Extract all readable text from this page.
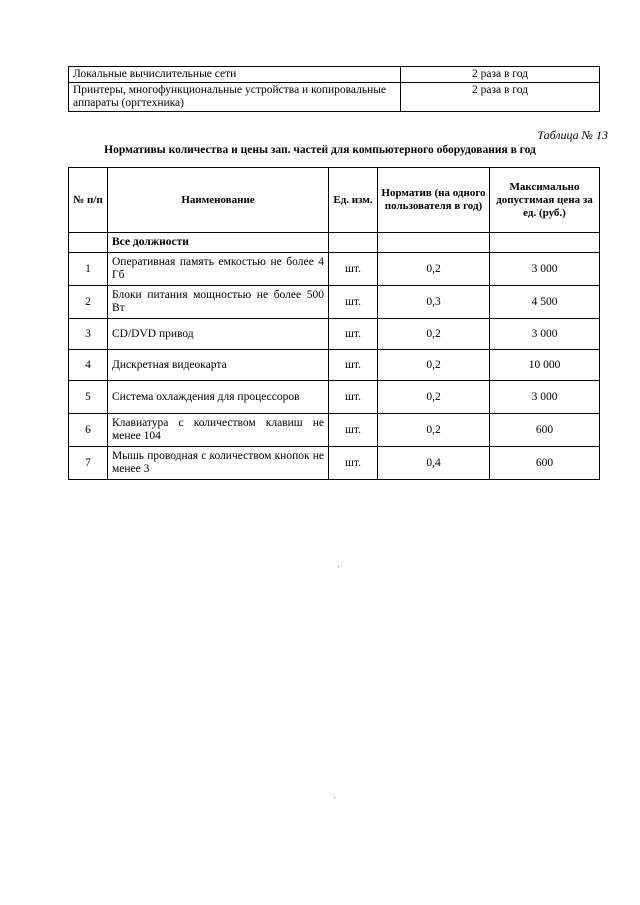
Локальные вычислительные сети	2 раза в год
Принтеры, многофункциональные устройства и копировальные аппараты (оргтехника)	2 раза в год
Таблица № 13
Нормативы количества и цены зап. частей для компьютерного оборудования в год
№ п/п	Наименование	Ед. изм.	Норматив (на одного пользователя в год)	Максимально допустимая цена за ед. (руб.)
	Все должности			
1	Оперативная память емкостью не более 4 Гб	шт.	0,2	3 000
2	Блоки питания мощностью не более 500 Вт	шт.	0,3	4 500
3	CD/DVD привод	шт.	0,2	3 000
4	Дискретная видеокарта	шт.	0,2	10 000
5	Система охлаждения для процессоров	шт.	0,2	3 000
6	Клавиатура с количеством клавиш не менее 104	шт.	0,2	600
7	Мышь проводная с количеством кнопок не менее 3	шт.	0,4	600
